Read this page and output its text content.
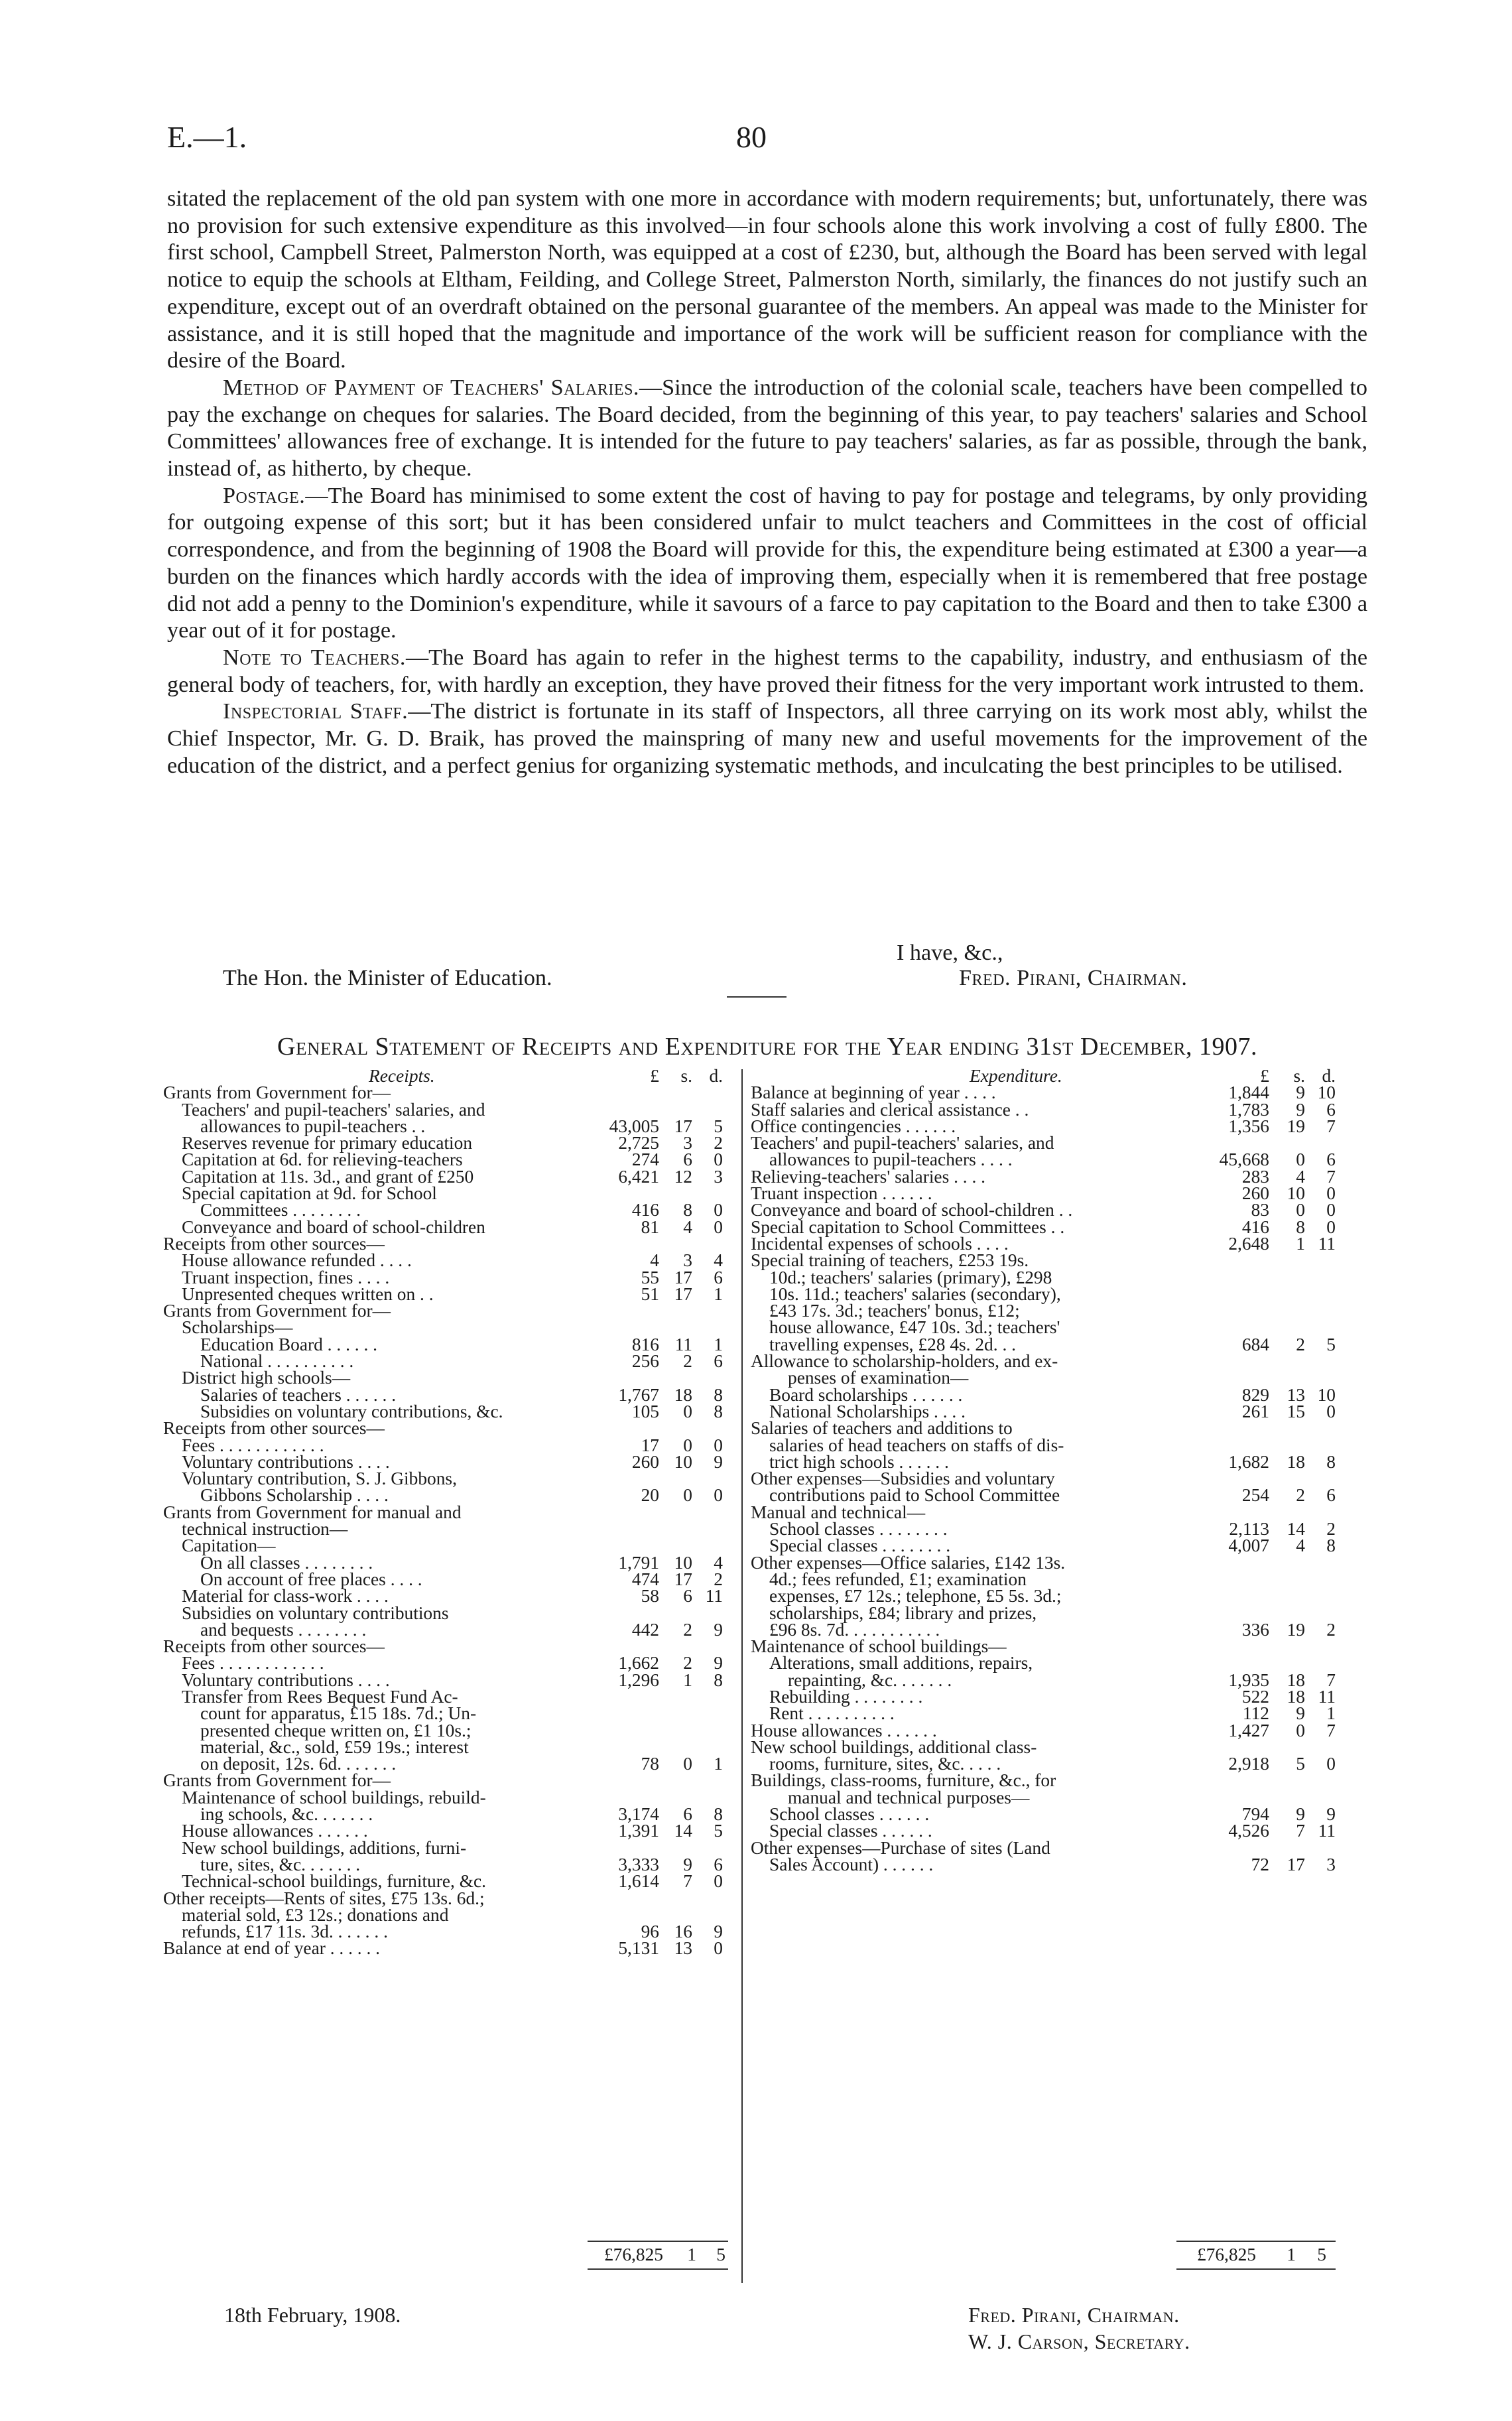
E.—1.	80

sitated the replacement of the old pan system with one more in accordance with modern requirements; but, unfortunately, there was no provision for such extensive expenditure as this involved—in four schools alone this work involving a cost of fully £800. The first school, Campbell Street, Palmerston North, was equipped at a cost of £230, but, although the Board has been served with legal notice to equip the schools at Eltham, Feilding, and College Street, Palmerston North, similarly, the finances do not justify such an expenditure, except out of an overdraft obtained on the personal guarantee of the members. An appeal was made to the Minister for assistance, and it is still hoped that the magnitude and importance of the work will be sufficient reason for compliance with the desire of the Board.

Method of Payment of Teachers' Salaries.—Since the introduction of the colonial scale, teachers have been compelled to pay the exchange on cheques for salaries. The Board decided, from the beginning of this year, to pay teachers' salaries and School Committees' allowances free of exchange. It is intended for the future to pay teachers' salaries, as far as possible, through the bank, instead of, as hitherto, by cheque.

Postage.—The Board has minimised to some extent the cost of having to pay for postage and telegrams, by only providing for outgoing expense of this sort; but it has been considered unfair to mulct teachers and Committees in the cost of official correspondence, and from the beginning of 1908 the Board will provide for this, the expenditure being estimated at £300 a year—a burden on the finances which hardly accords with the idea of improving them, especially when it is remembered that free postage did not add a penny to the Dominion's expenditure, while it savours of a farce to pay capitation to the Board and then to take £300 a year out of it for postage.

Note to Teachers.—The Board has again to refer in the highest terms to the capability, industry, and enthusiasm of the general body of teachers, for, with hardly an exception, they have proved their fitness for the very important work intrusted to them.

Inspectorial Staff.—The district is fortunate in its staff of Inspectors, all three carrying on its work most ably, whilst the Chief Inspector, Mr. G. D. Braik, has proved the mainspring of many new and useful movements for the improvement of the education of the district, and a perfect genius for organizing systematic methods, and inculcating the best principles to be utilised.

I have, &c.,
The Hon. the Minister of Education.	Fred. Pirani, Chairman.
General Statement of Receipts and Expenditure for the Year ending 31st December, 1907.
Receipts.	£	s. d.
Grants from Government for—
Teachers' and pupil-teachers' salaries, and
allowances to pupil-teachers . .	43,005 17	5
Reserves revenue for primary education	2,725	3	2
Capitation at 6d. for relieving-teachers	274	6	0
Capitation at 11s. 3d., and grant of £250	6,421 12	3
Special capitation at 9d. for School
Committees . . . . . . . .	416	8	0
Conveyance and board of school-children	81	4	0
Receipts from other sources—
House allowance refunded . . . .	4	3	4
Truant inspection, fines . . . .	55 17	6
Unpresented cheques written on . .	51 17	1
Grants from Government for—
Scholarships—
Education Board . . . . . .	816 11	1
National . . . . . . . . . .	256	2	6
District high schools—
Salaries of teachers . . . . . .	1,767 18	8
Subsidies on voluntary contributions, &c.	105	0	8
Receipts from other sources—
Fees . . . . . . . . . . . .	17	0	0
Voluntary contributions . . . .	260 10	9
Voluntary contribution, S. J. Gibbons,
Gibbons Scholarship . . . .	20	0	0
Grants from Government for manual and
technical instruction—
Capitation—
On all classes . . . . . . . .	1,791 10	4
On account of free places . . . .	474 17	2
Material for class-work . . . .	58	6 11
Subsidies on voluntary contributions
and bequests . . . . . . . .	442	2	9
Receipts from other sources—
Fees . . . . . . . . . . . .	1,662	2	9
Voluntary contributions . . . .	1,296	1	8
Transfer from Rees Bequest Fund Ac-
count for apparatus, £15 18s. 7d.; Un-
presented cheque written on, £1 10s.;
material, &c., sold, £59 19s.; interest
on deposit, 12s. 6d. . . . . . .	78	0	1
Grants from Government for—
Maintenance of school buildings, rebuild-
ing schools, &c. . . . . . .	3,174	6	8
House allowances . . . . . .	1,391 14	5
New school buildings, additions, furni-
ture, sites, &c. . . . . . .	3,333	9	6
Technical-school buildings, furniture, &c.	1,614	7	0
Other receipts—Rents of sites, £75 13s. 6d.;
material sold, £3 12s.; donations and
refunds, £17 11s. 3d. . . . . . .	96 16	9
Balance at end of year . . . . . .	5,131 13	0
Expenditure.	£	s. d.
Balance at beginning of year . . . .	1,844	9 10
Staff salaries and clerical assistance . .	1,783	9	6
Office contingencies . . . . . .	1,356 19	7
Teachers' and pupil-teachers' salaries, and
allowances to pupil-teachers . . . .	45,668	0	6
Relieving-teachers' salaries . . . .	283	4	7
Truant inspection . . . . . .	260 10	0
Conveyance and board of school-children . .	83	0	0
Special capitation to School Committees . .	416	8	0
Incidental expenses of schools . . . .	2,648	1 11
Special training of teachers, £253 19s.
10d.; teachers' salaries (primary), £298
10s. 11d.; teachers' salaries (secondary),
£43 17s. 3d.; teachers' bonus, £12;
house allowance, £47 10s. 3d.; teachers'
travelling expenses, £28 4s. 2d. . .	684	2	5
Allowance to scholarship-holders, and ex-
penses of examination—
Board scholarships . . . . . .	829 13 10
National Scholarships . . . .	261 15	0
Salaries of teachers and additions to
salaries of head teachers on staffs of dis-
trict high schools . . . . . .	1,682 18	8
Other expenses—Subsidies and voluntary
contributions paid to School Committee	254	2	6
Manual and technical—
School classes . . . . . . . .	2,113 14	2
Special classes . . . . . . . .	4,007	4	8
Other expenses—Office salaries, £142 13s.
4d.; fees refunded, £1; examination
expenses, £7 12s.; telephone, £5 5s. 3d.;
scholarships, £84; library and prizes,
£96 8s. 7d. . . . . . . . . . .	336 19	2
Maintenance of school buildings—
Alterations, small additions, repairs,
repainting, &c. . . . . . .	1,935 18	7
Rebuilding . . . . . . . .	522 18 11
Rent . . . . . . . . . .	112	9	1
House allowances . . . . . .	1,427	0	7
New school buildings, additional class-
rooms, furniture, sites, &c. . . . .	2,918	5	0
Buildings, class-rooms, furniture, &c., for
manual and technical purposes—
School classes . . . . . .	794	9	9
Special classes . . . . . .	4,526	7 11
Other expenses—Purchase of sites (Land
Sales Account) . . . . . .	72 17	3
£76,825	1	5	£76,825	1	5
18th February, 1908.	Fred. Pirani, Chairman.
W. J. Carson, Secretary.
